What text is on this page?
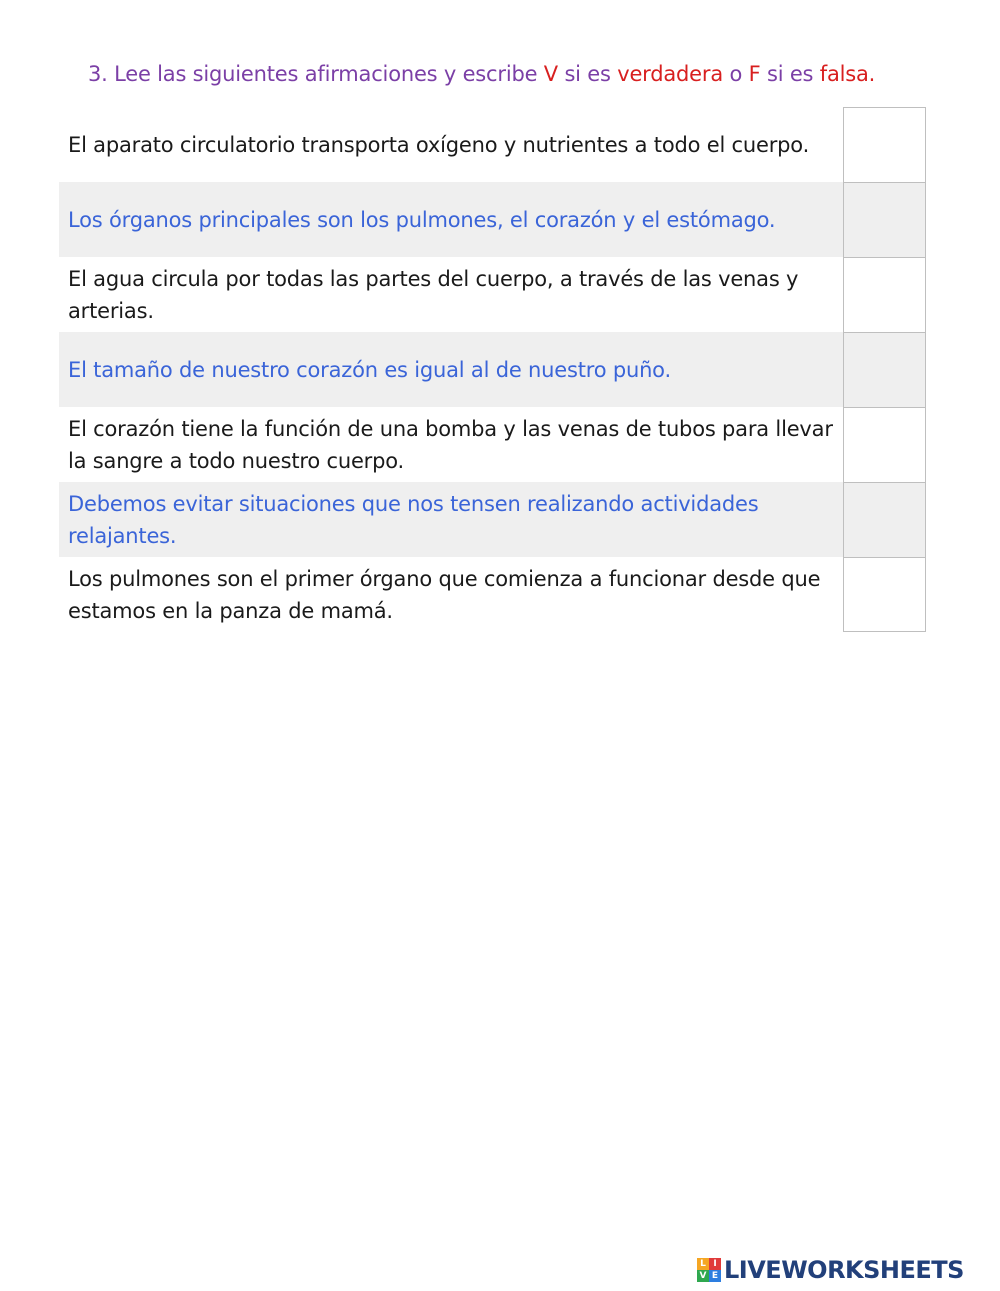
3. Lee las siguientes afirmaciones y escribe V si es verdadera o F si es falsa.
El aparato circulatorio transporta oxígeno y nutrientes a todo el cuerpo.
Los órganos principales son los pulmones, el corazón y el estómago.
El agua circula por todas las partes del cuerpo, a través de las venas y arterias.
El tamaño de nuestro corazón es igual al de nuestro puño.
El corazón tiene la función de una bomba y las venas de tubos para llevar la sangre a todo nuestro cuerpo.
Debemos evitar situaciones que nos tensen realizando actividades relajantes.
Los pulmones son el primer órgano que comienza a funcionar desde que estamos en la panza de mamá.
L I
V E LIVEWORKSHEETS
